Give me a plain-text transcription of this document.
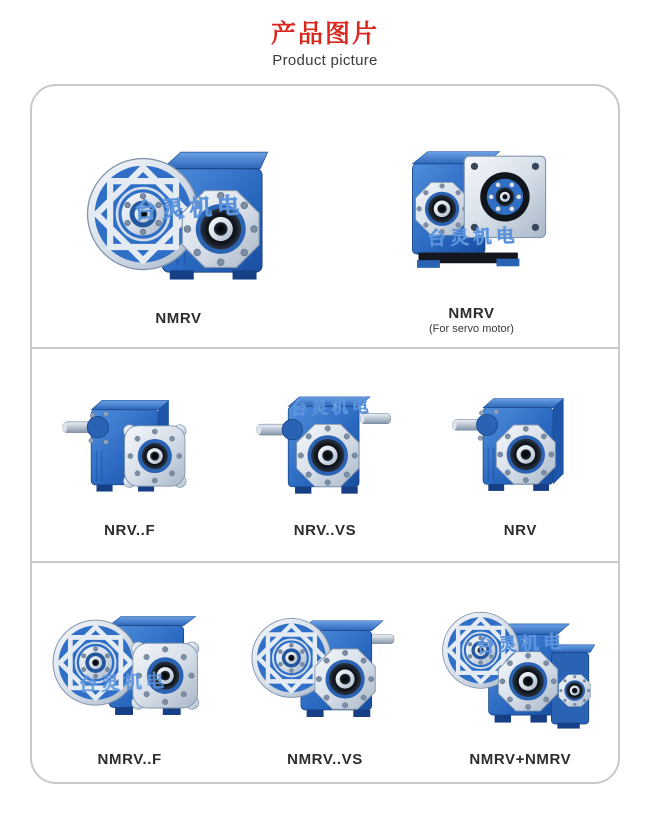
产品图片
Product picture
NMRV	NMRV
(For servo motor)
NRV..F	NRV..VS	NRV
NMRV..F	NMRV..VS	NMRV+NMRV
